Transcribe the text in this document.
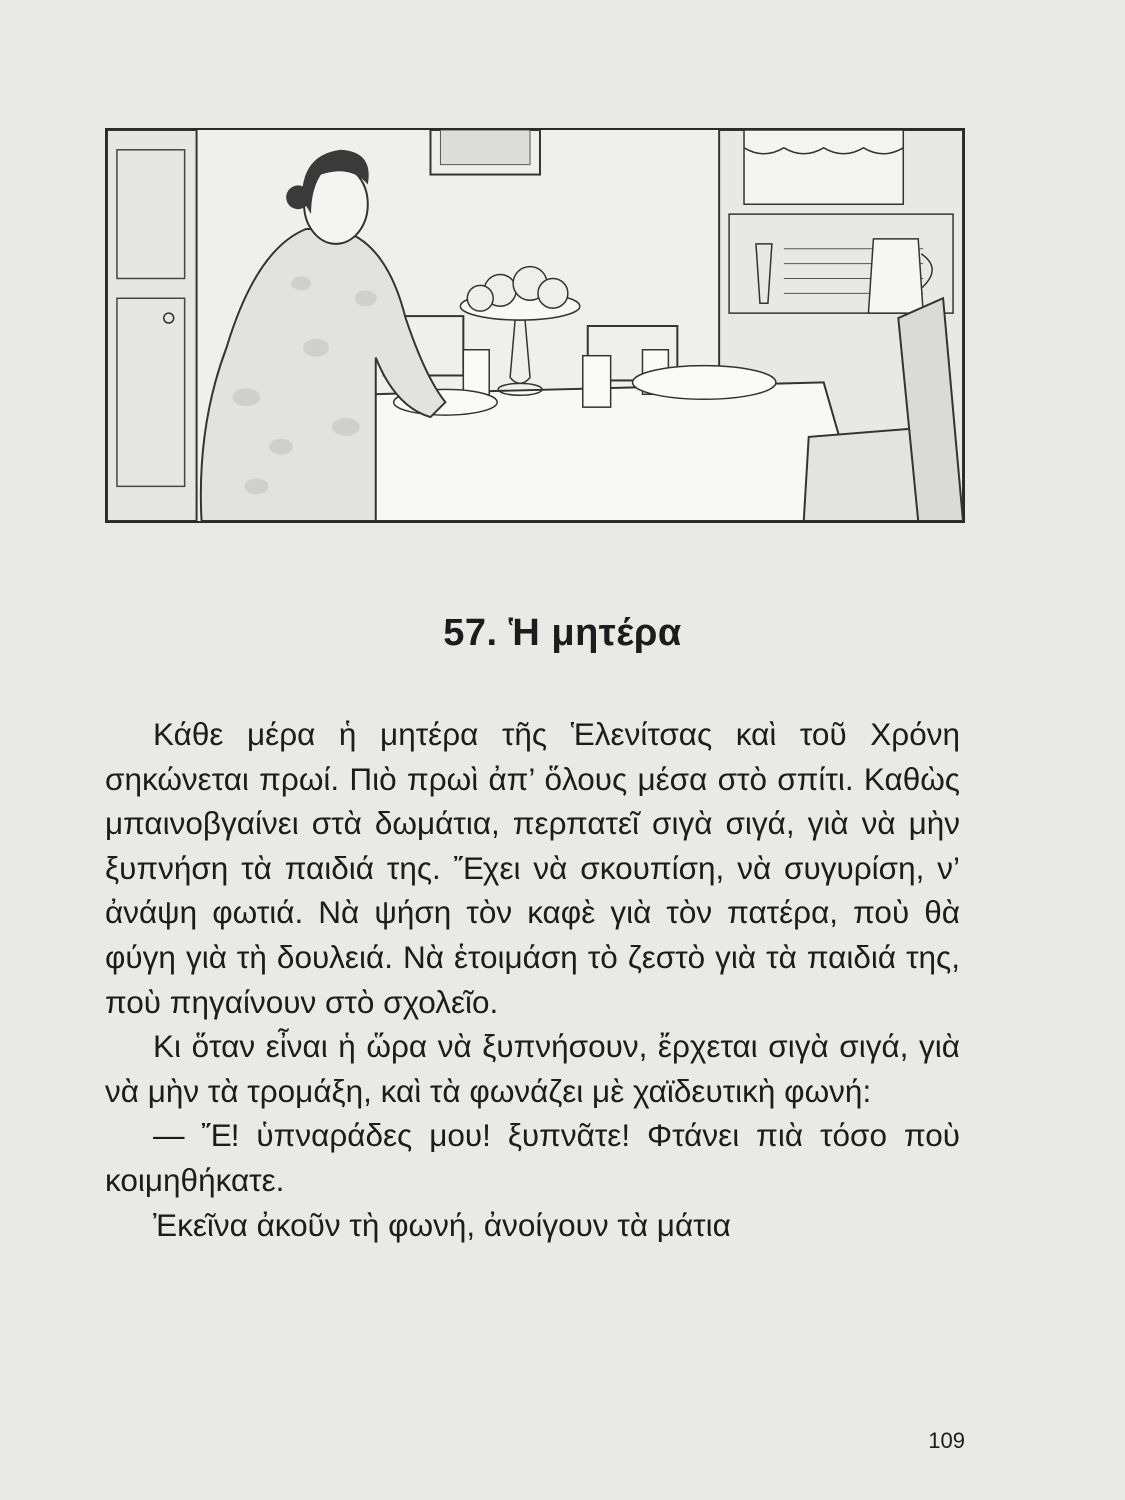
57. Ἡ μητέρα

Κάθε μέρα ἡ μητέρα τῆς Ἑλενίτσας καὶ τοῦ Χρόνη σηκώνεται πρωί. Πιὸ πρωὶ ἀπ’ ὅλους μέσα στὸ σπίτι. Καθὼς μπαινοβγαίνει στὰ δωμάτια, περπατεῖ σιγὰ σιγά, γιὰ νὰ μὴν ξυπνήση τὰ παιδιά της. Ἔχει νὰ σκουπίση, νὰ συγυρίση, ν’ ἀνάψη φωτιά. Νὰ ψήση τὸν καφὲ γιὰ τὸν πατέρα, ποὺ θὰ φύγη γιὰ τὴ δουλειά. Νὰ ἑτοιμάση τὸ ζεστὸ γιὰ τὰ παιδιά της, ποὺ πηγαίνουν στὸ σχολεῖο.

Κι ὅταν εἶναι ἡ ὥρα νὰ ξυπνήσουν, ἔρχεται σιγὰ σιγά, γιὰ νὰ μὴν τὰ τρομάξη, καὶ τὰ φωνάζει μὲ χαϊδευτικὴ φωνή:

— Ἔ! ὑπναράδες μου! ξυπνᾶτε! Φτάνει πιὰ τόσο ποὺ κοιμηθήκατε.

Ἐκεῖνα ἀκοῦν τὴ φωνή, ἀνοίγουν τὰ μάτια

109
